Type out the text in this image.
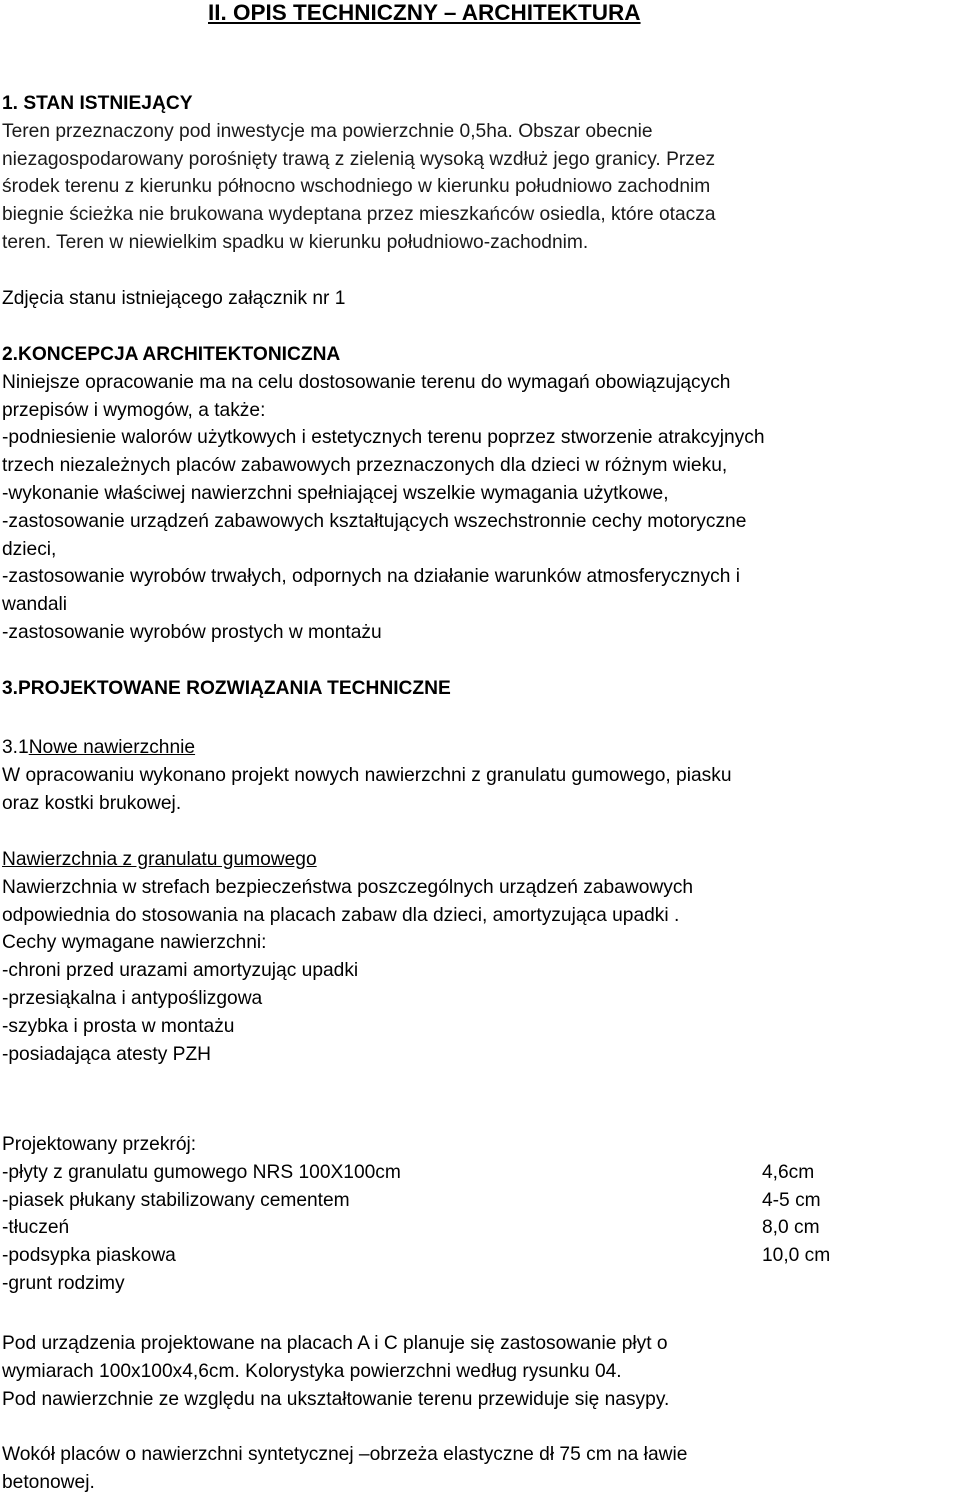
II. OPIS TECHNICZNY – ARCHITEKTURA
1. STAN ISTNIEJĄCY
Teren przeznaczony pod inwestycje ma powierzchnie 0,5ha. Obszar obecnie
niezagospodarowany porośnięty trawą z zielenią wysoką wzdłuż jego granicy. Przez
środek terenu z kierunku północno wschodniego w kierunku południowo zachodnim
biegnie ścieżka nie brukowana wydeptana przez mieszkańców osiedla, które otacza
teren. Teren w niewielkim spadku w kierunku południowo-zachodnim.
Zdjęcia stanu istniejącego załącznik nr 1
2.KONCEPCJA ARCHITEKTONICZNA
Niniejsze opracowanie ma na celu dostosowanie terenu do wymagań obowiązujących
przepisów i wymogów, a także:
-podniesienie walorów użytkowych i estetycznych terenu poprzez stworzenie atrakcyjnych
trzech niezależnych placów zabawowych przeznaczonych dla dzieci w różnym wieku,
-wykonanie właściwej nawierzchni spełniającej wszelkie wymagania użytkowe,
-zastosowanie urządzeń zabawowych kształtujących wszechstronnie cechy motoryczne
dzieci,
-zastosowanie wyrobów trwałych, odpornych na działanie warunków atmosferycznych i
wandali
-zastosowanie wyrobów prostych w montażu
3.PROJEKTOWANE ROZWIĄZANIA TECHNICZNE
3.1Nowe nawierzchnie
W opracowaniu wykonano projekt nowych nawierzchni z granulatu gumowego, piasku
oraz kostki brukowej.
Nawierzchnia z granulatu gumowego
Nawierzchnia w strefach bezpieczeństwa poszczególnych urządzeń zabawowych
odpowiednia do stosowania na placach zabaw dla dzieci, amortyzująca upadki .
Cechy wymagane nawierzchni:
-chroni przed urazami amortyzując upadki
-przesiąkalna i antypoślizgowa
-szybka i prosta w montażu
-posiadająca atesty PZH
Projektowany przekrój:
-płyty z granulatu gumowego NRS 100X100cm	4,6cm
-piasek płukany stabilizowany cementem	4-5 cm
-tłuczeń	8,0 cm
-podsypka piaskowa	10,0 cm
-grunt rodzimy
Pod urządzenia projektowane na placach A i C planuje się zastosowanie płyt o
wymiarach 100x100x4,6cm. Kolorystyka powierzchni według rysunku 04.
Pod nawierzchnie ze względu na ukształtowanie terenu przewiduje się nasypy.
Wokół placów o nawierzchni syntetycznej –obrzeża elastyczne dł 75 cm na ławie
betonowej.
